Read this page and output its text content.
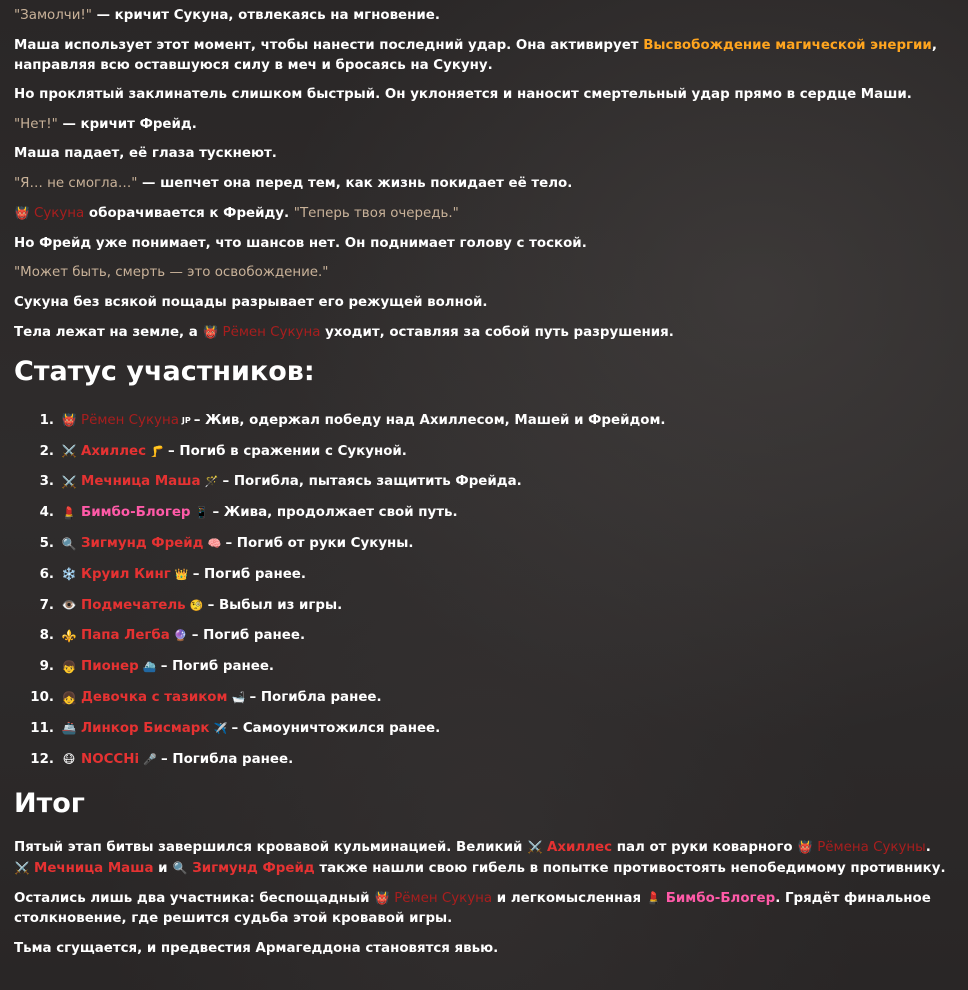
"Замолчи!" — кричит Сукуна, отвлекаясь на мгновение.

Маша использует этот момент, чтобы нанести последний удар. Она активирует Высвобождение магической энергии, направляя всю оставшуюся силу в меч и бросаясь на Сукуну.

Но проклятый заклинатель слишком быстрый. Он уклоняется и наносит смертельный удар прямо в сердце Маши.

"Нет!" — кричит Фрейд.

Маша падает, её глаза тускнеют.

"Я… не смогла…" — шепчет она перед тем, как жизнь покидает её тело.

👹 Сукуна оборачивается к Фрейду. "Теперь твоя очередь."

Но Фрейд уже понимает, что шансов нет. Он поднимает голову с тоской.

"Может быть, смерть — это освобождение."

Сукуна без всякой пощады разрывает его режущей волной.

Тела лежат на земле, а 👹 Рёмен Сукуна уходит, оставляя за собой путь разрушения.

Статус участников:
1. 👹 Рёмен Сукуна JP – Жив, одержал победу над Ахиллесом, Машей и Фрейдом.
2. ⚔️ Ахиллес 🦵 – Погиб в сражении с Сукуной.
3. ⚔️ Мечница Маша 🪄 – Погибла, пытаясь защитить Фрейда.
4. 💄 Бимбо-Блогер 📱 – Жива, продолжает свой путь.
5. 🔍 Зигмунд Фрейд 🧠 – Погиб от руки Сукуны.
6. ❄️ Круил Кинг 👑 – Погиб ранее.
7. 👁️ Подмечатель 🧐 – Выбыл из игры.
8. ⚜️ Папа Легба 🔮 – Погиб ранее.
9. 👦 Пионер ⛴️ – Погиб ранее.
10. 👧 Девочка с тазиком 🛁 – Погибла ранее.
11. 🚢 Линкор Бисмарк ✈️ – Самоуничтожился ранее.
12. 😷 NOCCHi 🎤 – Погибла ранее.
Итог

Пятый этап битвы завершился кровавой кульминацией. Великий ⚔️ Ахиллес пал от руки коварного 👹 Рёмена Сукуны. ⚔️ Мечница Маша и 🔍 Зигмунд Фрейд также нашли свою гибель в попытке противостоять непобедимому противнику.

Остались лишь два участника: беспощадный 👹 Рёмен Сукуна и легкомысленная 💄 Бимбо-Блогер. Грядёт финальное столкновение, где решится судьба этой кровавой игры.

Тьма сгущается, и предвестия Армагеддона становятся явью.
